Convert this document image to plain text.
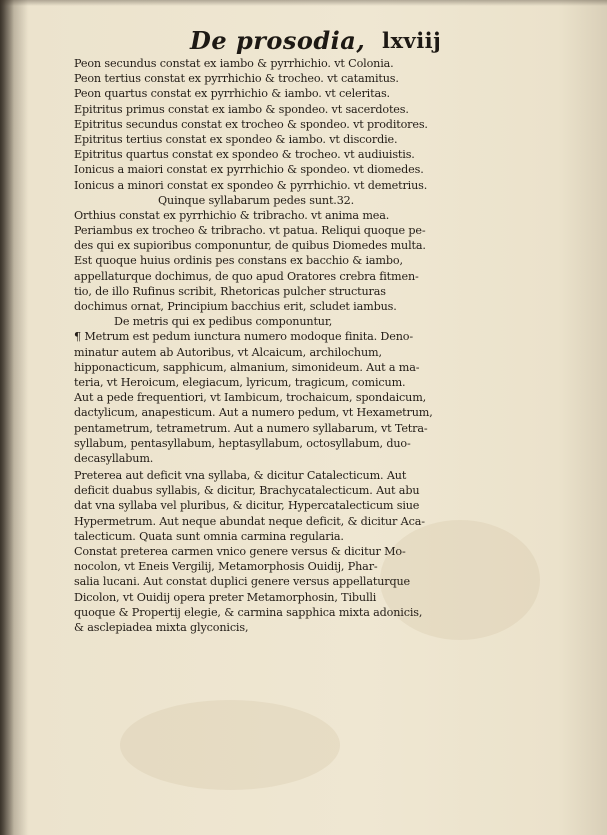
De prosodia, lxviij
Peon secundus constat ex iambo & pyrrhichio. vt Colonia.
Peon tertius constat ex pyrrhichio & trocheo. vt catamitus.
Peon quartus constat ex pyrrhichio & iambo. vt celeritas.
Epitritus primus constat ex iambo & spondeo. vt sacerdotes.
Epitritus secundus constat ex trocheo & spondeo. vt proditores.
Epitritus tertius constat ex spondeo & iambo. vt discordie.
Epitritus quartus constat ex spondeo & trocheo. vt audiuistis.
Ionicus a maiori constat ex pyrrhichio & spondeo. vt diomedes.
Ionicus a minori constat ex spondeo & pyrrhichio. vt demetrius.
Quinque syllabarum pedes sunt.32.
Orthius constat ex pyrrhichio & tribracho. vt anima mea.
Periambus ex trocheo & tribracho. vt patua. Reliqui quoque pe-
des qui ex supioribus componuntur, de quibus Diomedes multa.
Est quoque huius ordinis pes constans ex bacchio & iambo,
appellaturque dochimus, de quo apud Oratores crebra fitmen-
tio, de illo Rufinus scribit, Rhetoricas pulcher structuras
dochimus ornat, Principium bacchius erit, scludet iambus.
De metris qui ex pedibus componuntur,
¶ Metrum est pedum iunctura numero modoque finita. Deno-
minatur autem ab Autoribus, vt Alcaicum, archilochum,
hipponacticum, sapphicum, almanium, simonideum. Aut a ma-
teria, vt Heroicum, elegiacum, lyricum, tragicum, comicum.
Aut a pede frequentiori, vt Iambicum, trochaicum, spondaicum,
dactylicum, anapesticum. Aut a numero pedum, vt Hexametrum,
pentametrum, tetrametrum. Aut a numero syllabarum, vt Tetra-
syllabum, pentasyllabum, heptasyllabum, octosyllabum, duo-
decasyllabum.
Preterea aut deficit vna syllaba, & dicitur Catalecticum. Aut
deficit duabus syllabis, & dicitur, Brachycatalecticum. Aut abu
dat vna syllaba vel pluribus, & dicitur, Hypercatalecticum siue
Hypermetrum. Aut neque abundat neque deficit, & dicitur Aca-
talecticum. Quata sunt omnia carmina regularia.
Constat preterea carmen vnico genere versus & dicitur Mo-
nocolon, vt Eneis Vergilij, Metamorphosis Ouidij, Phar-
salia lucani. Aut constat duplici genere versus appellaturque
Dicolon, vt Ouidij opera preter Metamorphosin, Tibulli
quoque & Propertij elegie, & carmina sapphica mixta adonicis,
& asclepiadea mixta glyconicis,
